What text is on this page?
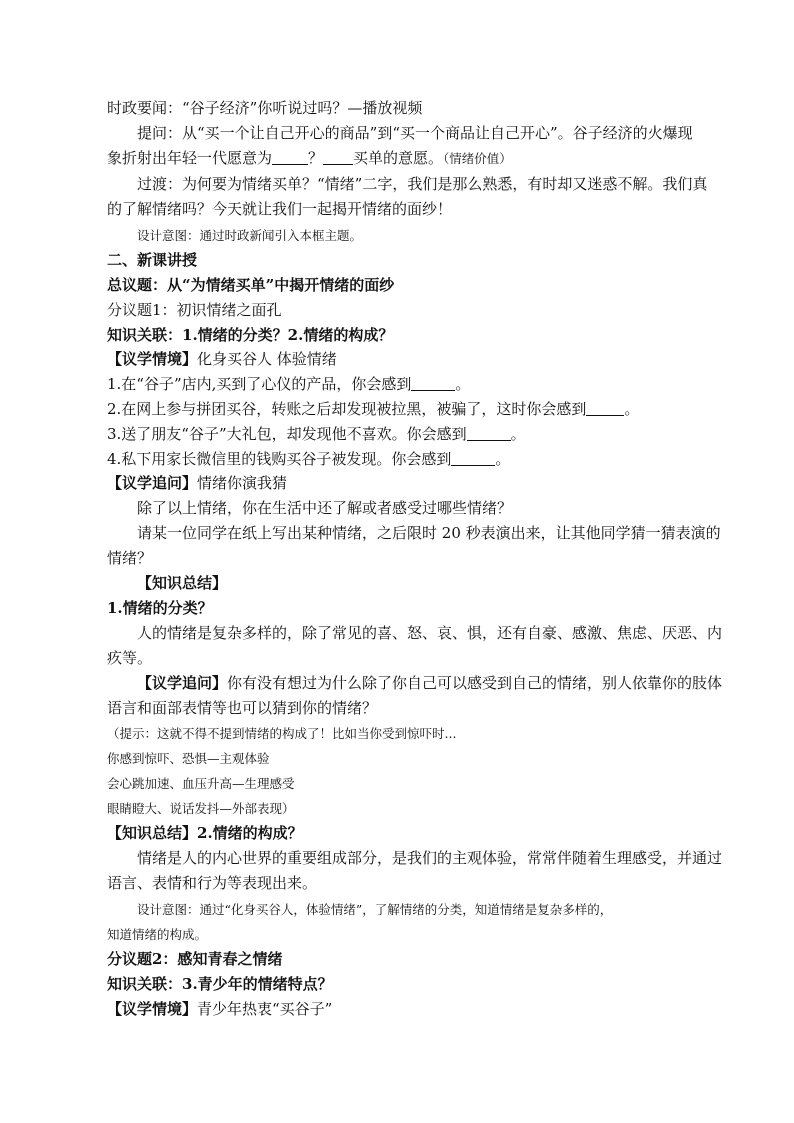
时政要闻：“谷子经济”你听说过吗？—播放视频
提问：从“买一个让自己开心的商品”到“买一个商品让自己开心”。谷子经济的火爆现
象折射出年轻一代愿意为 ？ 买单的意愿。（情绪价值）
过渡：为何要为情绪买单？“情绪”二字，我们是那么熟悉，有时却又迷惑不解。我们真
的了解情绪吗？今天就让我们一起揭开情绪的面纱！
设计意图：通过时政新闻引入本框主题。
二、新课讲授
总议题：从“为情绪买单”中揭开情绪的面纱
分议题1：初识情绪之面孔
知识关联：1.情绪的分类？2.情绪的构成？
【议学情境】化身买谷人 体验情绪
1.在“谷子”店内,买到了心仪的产品，你会感到	。
2.在网上参与拼团买谷，转账之后却发现被拉黑，被骗了，这时你会感到	。
3.送了朋友“谷子”大礼包，却发现他不喜欢。你会感到	。
4.私下用家长微信里的钱购买谷子被发现。你会感到	。
【议学追问】情绪你演我猜
除了以上情绪，你在生活中还了解或者感受过哪些情绪？
请某一位同学在纸上写出某种情绪，之后限时 20 秒表演出来，让其他同学猜一猜表演的
情绪？
【知识总结】
1.情绪的分类？
人的情绪是复杂多样的，除了常见的喜、怒、哀、惧，还有自豪、感激、焦虑、厌恶、内
疚等。
【议学追问】你有没有想过为什么除了你自己可以感受到自己的情绪，别人依靠你的肢体
语言和面部表情等也可以猜到你的情绪？
（提示：这就不得不提到情绪的构成了！比如当你受到惊吓时...
你感到惊吓、恐惧—主观体验
会心跳加速、血压升高—生理感受
眼睛瞪大、说话发抖—外部表现）
【知识总结】2.情绪的构成？
情绪是人的内心世界的重要组成部分，是我们的主观体验，常常伴随着生理感受，并通过
语言、表情和行为等表现出来。
设计意图：通过“化身买谷人，体验情绪”，了解情绪的分类，知道情绪是复杂多样的，
知道情绪的构成。
分议题2：感知青春之情绪
知识关联：3.青少年的情绪特点？
【议学情境】青少年热衷“买谷子”
